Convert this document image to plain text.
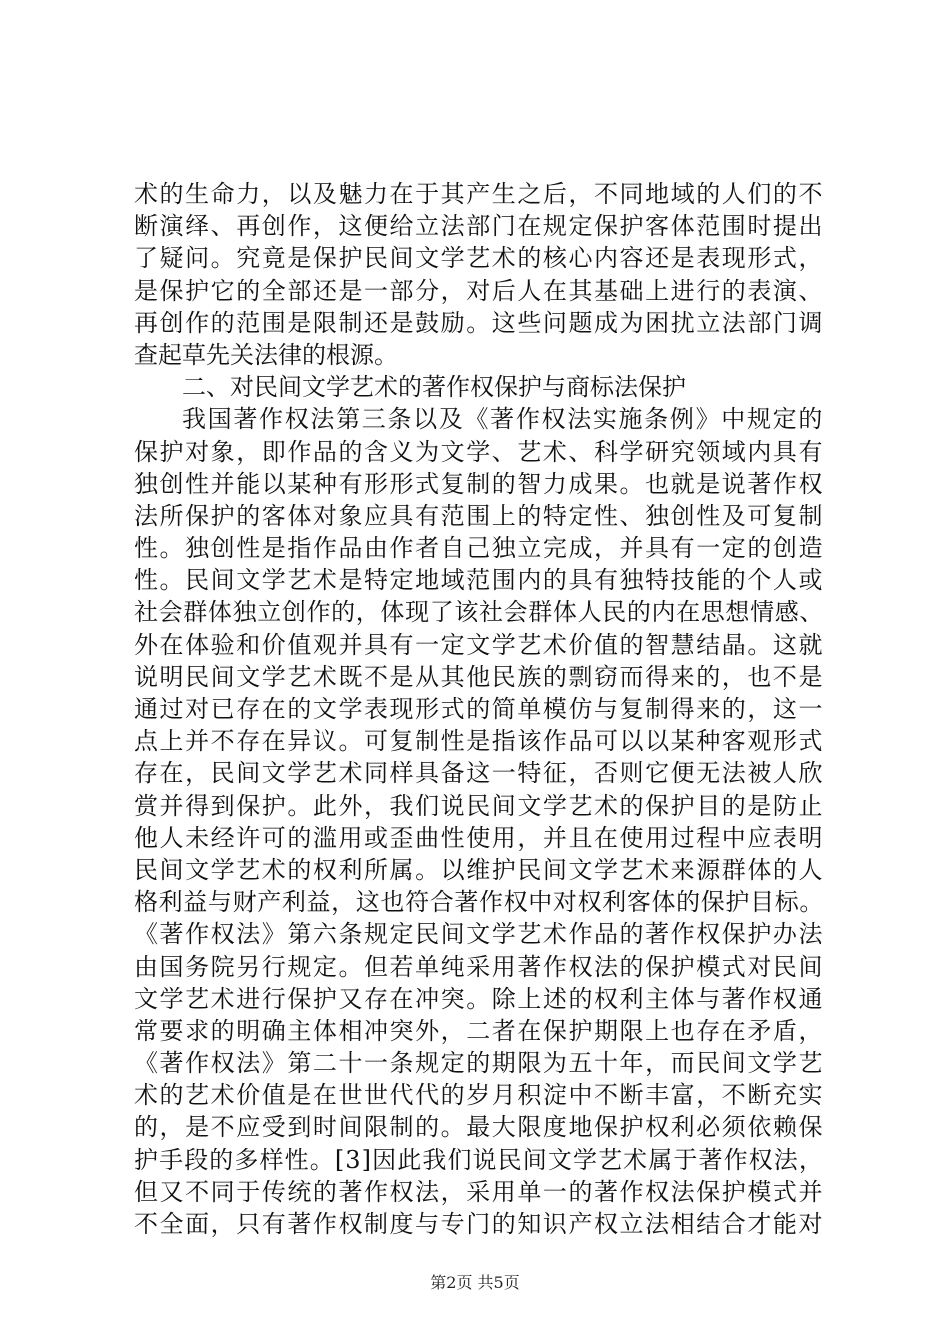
术的生命力，以及魅力在于其产生之后，不同地域的人们的不
断演绎、再创作，这便给立法部门在规定保护客体范围时提出
了疑问。究竟是保护民间文学艺术的核心内容还是表现形式，
是保护它的全部还是一部分，对后人在其基础上进行的表演、
再创作的范围是限制还是鼓励。这些问题成为困扰立法部门调
查起草先关法律的根源。
二、对民间文学艺术的著作权保护与商标法保护
我国著作权法第三条以及《著作权法实施条例》中规定的
保护对象，即作品的含义为文学、艺术、科学研究领域内具有
独创性并能以某种有形形式复制的智力成果。也就是说著作权
法所保护的客体对象应具有范围上的特定性、独创性及可复制
性。独创性是指作品由作者自己独立完成，并具有一定的创造
性。民间文学艺术是特定地域范围内的具有独特技能的个人或
社会群体独立创作的，体现了该社会群体人民的内在思想情感、
外在体验和价值观并具有一定文学艺术价值的智慧结晶。这就
说明民间文学艺术既不是从其他民族的剽窃而得来的，也不是
通过对已存在的文学表现形式的简单模仿与复制得来的，这一
点上并不存在异议。可复制性是指该作品可以以某种客观形式
存在，民间文学艺术同样具备这一特征，否则它便无法被人欣
赏并得到保护。此外，我们说民间文学艺术的保护目的是防止
他人未经许可的滥用或歪曲性使用，并且在使用过程中应表明
民间文学艺术的权利所属。以维护民间文学艺术来源群体的人
格利益与财产利益，这也符合著作权中对权利客体的保护目标。
《著作权法》第六条规定民间文学艺术作品的著作权保护办法
由国务院另行规定。但若单纯采用著作权法的保护模式对民间
文学艺术进行保护又存在冲突。除上述的权利主体与著作权通
常要求的明确主体相冲突外，二者在保护期限上也存在矛盾，
《著作权法》第二十一条规定的期限为五十年，而民间文学艺
术的艺术价值是在世世代代的岁月积淀中不断丰富，不断充实
的，是不应受到时间限制的。最大限度地保护权利必须依赖保
护手段的多样性。[3]因此我们说民间文学艺术属于著作权法，
但又不同于传统的著作权法，采用单一的著作权法保护模式并
不全面，只有著作权制度与专门的知识产权立法相结合才能对
第2页 共5页
